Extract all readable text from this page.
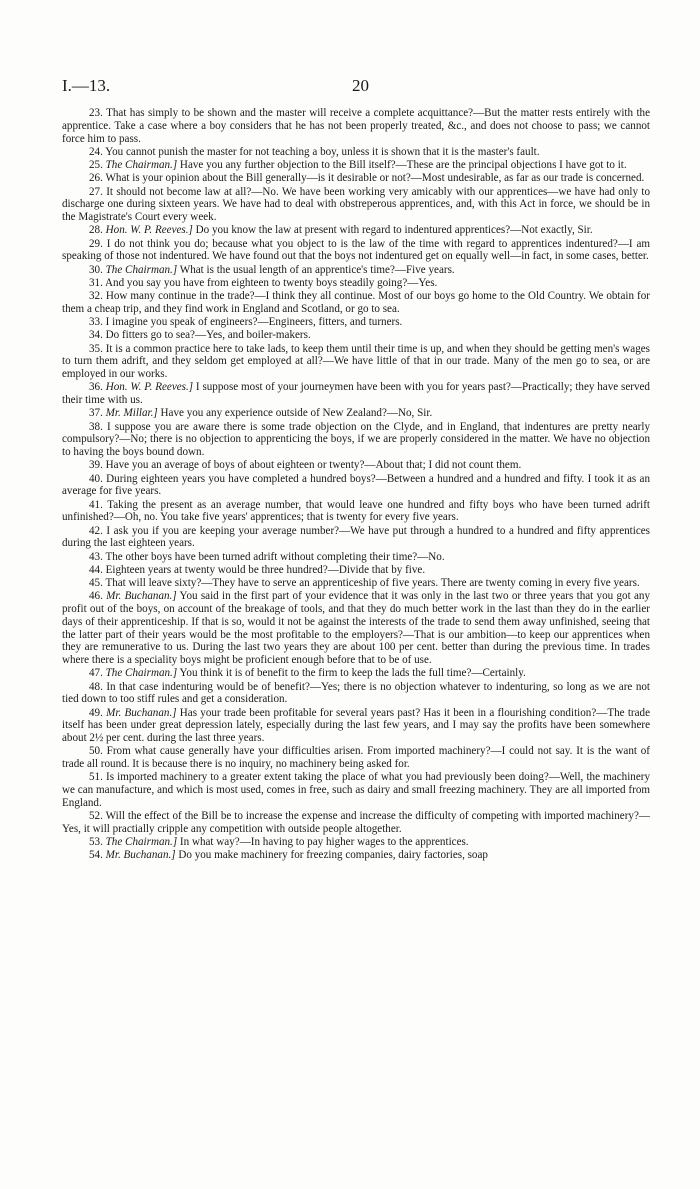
I.—13.	20

23. That has simply to be shown and the master will receive a complete acquittance?—But the matter rests entirely with the apprentice. Take a case where a boy considers that he has not been properly treated, &c., and does not choose to pass; we cannot force him to pass.

24. You cannot punish the master for not teaching a boy, unless it is shown that it is the master's fault.

25. The Chairman.] Have you any further objection to the Bill itself?—These are the principal objections I have got to it.

26. What is your opinion about the Bill generally—is it desirable or not?—Most undesirable, as far as our trade is concerned.

27. It should not become law at all?—No. We have been working very amicably with our apprentices—we have had only to discharge one during sixteen years. We have had to deal with obstreperous apprentices, and, with this Act in force, we should be in the Magistrate's Court every week.

28. Hon. W. P. Reeves.] Do you know the law at present with regard to indentured apprentices?—Not exactly, Sir.

29. I do not think you do; because what you object to is the law of the time with regard to apprentices indentured?—I am speaking of those not indentured. We have found out that the boys not indentured get on equally well—in fact, in some cases, better.

30. The Chairman.] What is the usual length of an apprentice's time?—Five years.

31. And you say you have from eighteen to twenty boys steadily going?—Yes.

32. How many continue in the trade?—I think they all continue. Most of our boys go home to the Old Country. We obtain for them a cheap trip, and they find work in England and Scotland, or go to sea.

33. I imagine you speak of engineers?—Engineers, fitters, and turners.

34. Do fitters go to sea?—Yes, and boiler-makers.

35. It is a common practice here to take lads, to keep them until their time is up, and when they should be getting men's wages to turn them adrift, and they seldom get employed at all?—We have little of that in our trade. Many of the men go to sea, or are employed in our works.

36. Hon. W. P. Reeves.] I suppose most of your journeymen have been with you for years past?—Practically; they have served their time with us.

37. Mr. Millar.] Have you any experience outside of New Zealand?—No, Sir.

38. I suppose you are aware there is some trade objection on the Clyde, and in England, that indentures are pretty nearly compulsory?—No; there is no objection to apprenticing the boys, if we are properly considered in the matter. We have no objection to having the boys bound down.

39. Have you an average of boys of about eighteen or twenty?—About that; I did not count them.

40. During eighteen years you have completed a hundred boys?—Between a hundred and a hundred and fifty. I took it as an average for five years.

41. Taking the present as an average number, that would leave one hundred and fifty boys who have been turned adrift unfinished?—Oh, no. You take five years' apprentices; that is twenty for every five years.

42. I ask you if you are keeping your average number?—We have put through a hundred to a hundred and fifty apprentices during the last eighteen years.

43. The other boys have been turned adrift without completing their time?—No.

44. Eighteen years at twenty would be three hundred?—Divide that by five.

45. That will leave sixty?—They have to serve an apprenticeship of five years. There are twenty coming in every five years.

46. Mr. Buchanan.] You said in the first part of your evidence that it was only in the last two or three years that you got any profit out of the boys, on account of the breakage of tools, and that they do much better work in the last than they do in the earlier days of their apprenticeship. If that is so, would it not be against the interests of the trade to send them away unfinished, seeing that the latter part of their years would be the most profitable to the employers?—That is our ambition—to keep our apprentices when they are remunerative to us. During the last two years they are about 100 per cent. better than during the previous time. In trades where there is a speciality boys might be proficient enough before that to be of use.

47. The Chairman.] You think it is of benefit to the firm to keep the lads the full time?—Certainly.

48. In that case indenturing would be of benefit?—Yes; there is no objection whatever to indenturing, so long as we are not tied down to too stiff rules and get a consideration.

49. Mr. Buchanan.] Has your trade been profitable for several years past? Has it been in a flourishing condition?—The trade itself has been under great depression lately, especially during the last few years, and I may say the profits have been somewhere about 2½ per cent. during the last three years.

50. From what cause generally have your difficulties arisen. From imported machinery?—I could not say. It is the want of trade all round. It is because there is no inquiry, no machinery being asked for.

51. Is imported machinery to a greater extent taking the place of what you had previously been doing?—Well, the machinery we can manufacture, and which is most used, comes in free, such as dairy and small freezing machinery. They are all imported from England.

52. Will the effect of the Bill be to increase the expense and increase the difficulty of competing with imported machinery?—Yes, it will practially cripple any competition with outside people altogether.

53. The Chairman.] In what way?—In having to pay higher wages to the apprentices.

54. Mr. Buchanan.] Do you make machinery for freezing companies, dairy factories, soap
